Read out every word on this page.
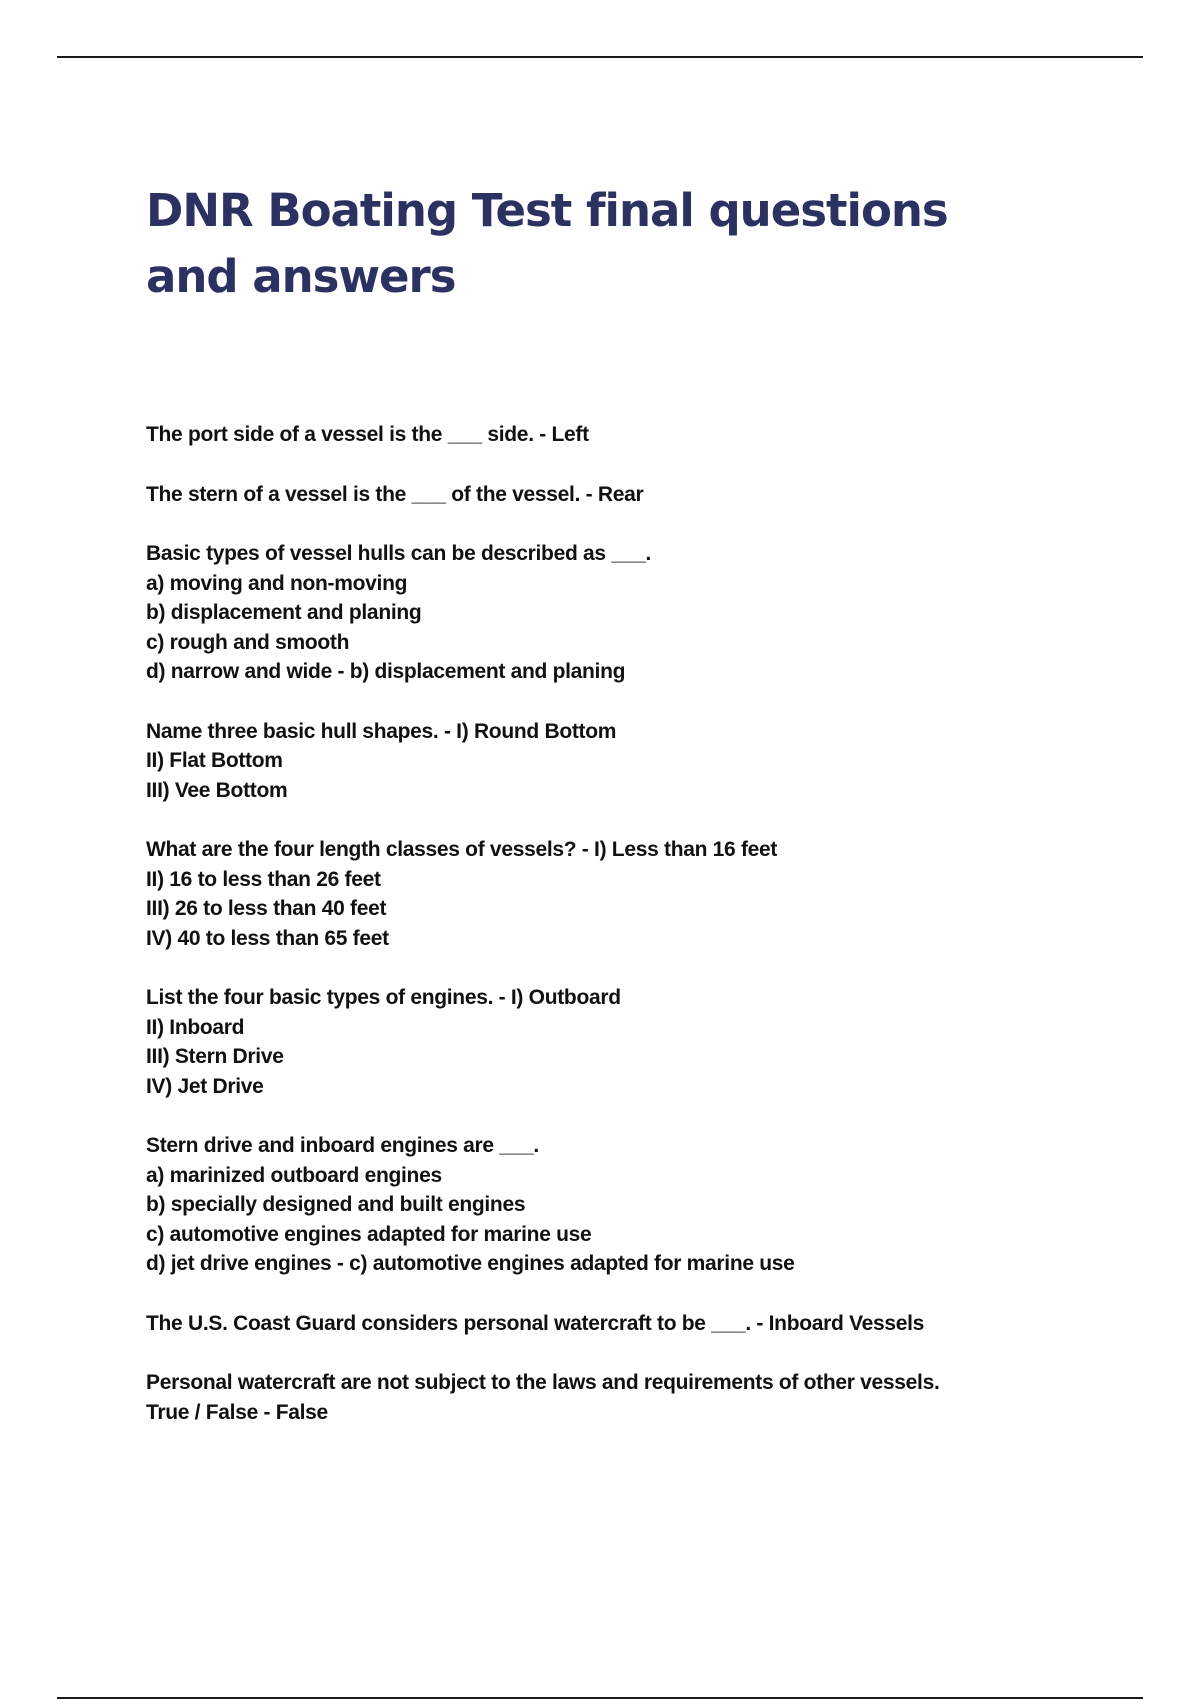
DNR Boating Test final questions and answers

The port side of a vessel is the ___ side. - Left

The stern of a vessel is the ___ of the vessel. - Rear

Basic types of vessel hulls can be described as ___.
a) moving and non-moving
b) displacement and planing
c) rough and smooth
d) narrow and wide - b) displacement and planing

Name three basic hull shapes. - I) Round Bottom
II) Flat Bottom
III) Vee Bottom

What are the four length classes of vessels? - I) Less than 16 feet
II) 16 to less than 26 feet
III) 26 to less than 40 feet
IV) 40 to less than 65 feet

List the four basic types of engines. - I) Outboard
II) Inboard
III) Stern Drive
IV) Jet Drive

Stern drive and inboard engines are ___.
a) marinized outboard engines
b) specially designed and built engines
c) automotive engines adapted for marine use
d) jet drive engines - c) automotive engines adapted for marine use

The U.S. Coast Guard considers personal watercraft to be ___. - Inboard Vessels

Personal watercraft are not subject to the laws and requirements of other vessels.
True / False - False
